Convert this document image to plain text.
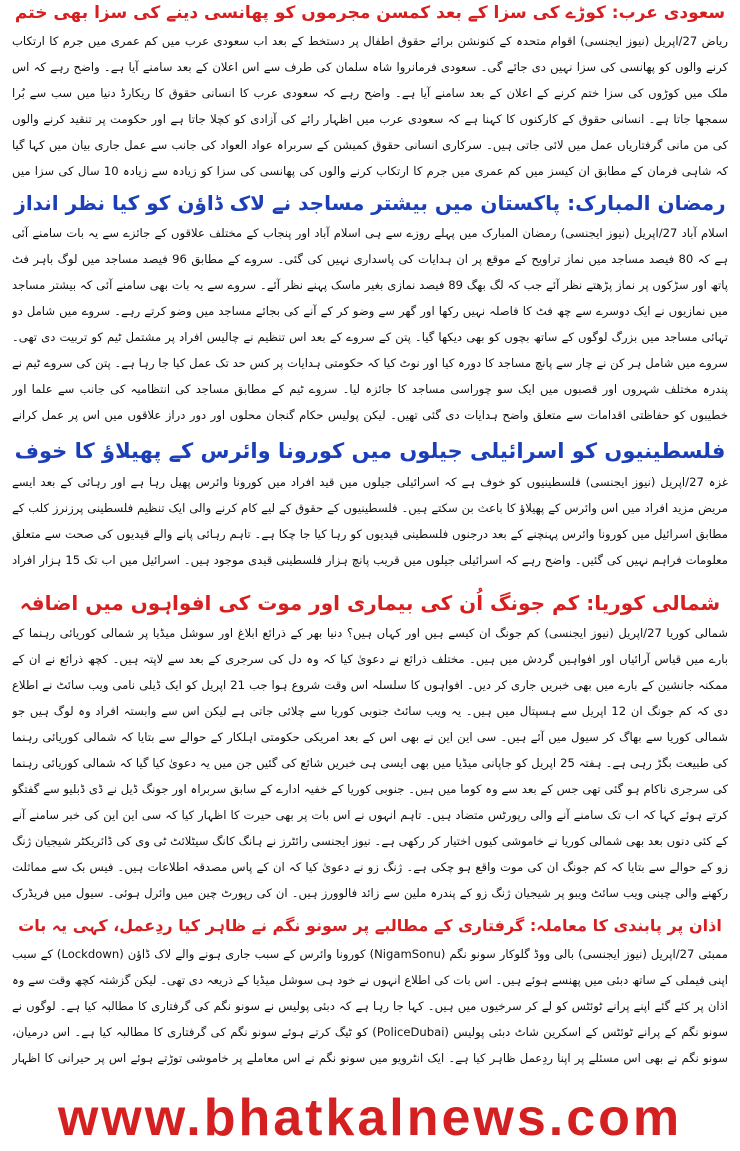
سعودی عرب: کوڑے کی سزا کے بعد کمسن مجرموں کو پھانسی دینے کی سزا بھی ختم

ریاض 27/اپریل (نیوز ایجنسی) اقوام متحدہ کے کنونشن برائے حقوق اطفال پر دستخط کے بعد اب سعودی عرب میں کم عمری میں جرم کا ارتکاب کرنے والوں کو پھانسی کی سزا نہیں دی جائے گی۔ سعودی فرمانروا شاہ سلمان کی طرف سے اس اعلان کے بعد سامنے آیا ہے۔ واضح رہے کہ اس ملک میں کوڑوں کی سزا ختم کرنے کے اعلان کے بعد سامنے آیا ہے۔ واضح رہے کہ سعودی عرب کا انسانی حقوق کا ریکارڈ دنیا میں سب سے بُرا سمجھا جاتا ہے۔ انسانی حقوق کے کارکنوں کا کہنا ہے کہ سعودی عرب میں اظہار رائے کی آزادی کو کچلا جاتا ہے اور حکومت پر تنقید کرنے والوں کی من مانی گرفتاریاں عمل میں لائی جاتی ہیں۔ سرکاری انسانی حقوق کمیشن کے سربراہ عواد العواد کی جانب سے عمل جاری بیان میں کہا گیا کہ شاہی فرمان کے مطابق ان کیسز میں کم عمری میں جرم کا ارتکاب کرنے والوں کی پھانسی کی سزا کو زیادہ سے زیادہ 10 سال کی سزا میں

رمضان المبارک: پاکستان میں بیشتر مساجد نے لاک ڈاؤن کو کیا نظر انداز

اسلام آباد 27/اپریل (نیوز ایجنسی) رمضان المبارک میں پہلے روزے سے ہی اسلام آباد اور پنجاب کے مختلف علاقوں کے جائزے سے یہ بات سامنے آئی ہے کہ 80 فیصد مساجد میں نماز تراویح کے موقع پر ان ہدایات کی پاسداری نہیں کی گئی۔ سروے کے مطابق 96 فیصد مساجد میں لوگ باہر فٹ پاتھ اور سڑکوں پر نماز پڑھتے نظر آئے جب کہ لگ بھگ 89 فیصد نمازی بغیر ماسک پہنے نظر آئے۔ سروے سے یہ بات بھی سامنے آئی کہ بیشتر مساجد میں نمازیوں نے ایک دوسرے سے چھ فٹ کا فاصلہ نہیں رکھا اور گھر سے وضو کر کے آنے کی بجائے مساجد میں وضو کرتے رہے۔ سروے میں شامل دو تہائی مساجد میں بزرگ لوگوں کے ساتھ بچوں کو بھی دیکھا گیا۔ پتن کے سروے کے بعد اس تنظیم نے چالیس افراد پر مشتمل ٹیم کو تربیت دی تھی۔ سروے میں شامل ہر کن نے چار سے پانچ مساجد کا دورہ کیا اور نوٹ کیا کہ حکومتی ہدایات پر کس حد تک عمل کیا جا رہا ہے۔ پتن کی سروے ٹیم نے پندرہ مختلف شہروں اور قصبوں میں ایک سو چوراسی مساجد کا جائزہ لیا۔ سروے ٹیم کے مطابق مساجد کی انتظامیہ کی جانب سے علما اور خطیبوں کو حفاظتی اقدامات سے متعلق واضح ہدایات دی گئی تھیں۔ لیکن پولیس حکام گنجان محلوں اور دور دراز علاقوں میں اس پر عمل کرانے

فلسطینیوں کو اسرائیلی جیلوں میں کورونا وائرس کے پھیلاؤ کا خوف

غزہ 27/اپریل (نیوز ایجنسی) فلسطینیوں کو خوف ہے کہ اسرائیلی جیلوں میں قید افراد میں کورونا وائرس پھیل رہا ہے اور رہائی کے بعد ایسے مریض مزید افراد میں اس وائرس کے پھیلاؤ کا باعث بن سکتے ہیں۔ فلسطینیوں کے حقوق کے لیے کام کرنے والی ایک تنظیم فلسطینی پرزنرز کلب کے مطابق اسرائیل میں کورونا وائرس پہنچنے کے بعد درجنوں فلسطینی قیدیوں کو رہا کیا جا چکا ہے۔ تاہم رہائی پانے والے قیدیوں کی صحت سے متعلق معلومات فراہم نہیں کی گئیں۔ واضح رہے کہ اسرائیلی جیلوں میں قریب پانچ ہزار فلسطینی قیدی موجود ہیں۔ اسرائیل میں اب تک 15 ہزار افراد

شمالی کوریا: کم جونگ اُن کی بیماری اور موت کی افواہوں میں اضافہ

شمالی کوریا 27/اپریل (نیوز ایجنسی) کم جونگ ان کیسے ہیں اور کہاں ہیں؟ دنیا بھر کے ذرائع ابلاغ اور سوشل میڈیا پر شمالی کوریائی رہنما کے بارے میں قیاس آرائیاں اور افواہیں گردش میں ہیں۔ مختلف ذرائع نے دعویٰ کیا کہ وہ دل کی سرجری کے بعد سے لاپتہ ہیں۔ کچھ ذرائع نے ان کے ممکنہ جانشین کے بارے میں بھی خبریں جاری کر دیں۔ افواہوں کا سلسلہ اس وقت شروع ہوا جب 21 اپریل کو ایک ڈیلی نامی ویب سائٹ نے اطلاع دی کہ کم جونگ ان 12 اپریل سے ہسپتال میں ہیں۔ یہ ویب سائٹ جنوبی کوریا سے چلائی جاتی ہے لیکن اس سے وابستہ افراد وہ لوگ ہیں جو شمالی کوریا سے بھاگ کر سیول میں آئے ہیں۔ سی این این نے بھی اس کے بعد امریکی حکومتی اہلکار کے حوالے سے بتایا کہ شمالی کوریائی رہنما کی طبیعت بگڑ رہی ہے۔ ہفتہ 25 اپریل کو جاپانی میڈیا میں بھی ایسی ہی خبریں شائع کی گئیں جن میں یہ دعویٰ کیا گیا کہ شمالی کوریائی رہنما کی سرجری ناکام ہو گئی تھی جس کے بعد سے وہ کوما میں ہیں۔ جنوبی کوریا کے خفیہ ادارے کے سابق سربراہ اور جونگ ڈیل نے ڈی ڈبلیو سے گفتگو کرتے ہوئے کہا کہ اب تک سامنے آنے والی رپورٹس متضاد ہیں۔ تاہم انہوں نے اس بات پر بھی حیرت کا اظہار کیا کہ سی این این کی خبر سامنے آنے کے کئی دنوں بعد بھی شمالی کوریا نے خاموشی کیوں اختیار کر رکھی ہے۔ نیوز ایجنسی رائٹرز نے ہانگ کانگ سیٹلائٹ ٹی وی کی ڈائریکٹر شیجیان ژنگ زو کے حوالے سے بتایا کہ کم جونگ ان کی موت واقع ہو چکی ہے۔ ژنگ زو نے دعویٰ کیا کہ ان کے پاس مصدقہ اطلاعات ہیں۔ فیس بک سے مماثلت رکھنے والی چینی ویب سائٹ ویبو پر شیجیان ژنگ زو کے پندرہ ملین سے زائد فالوورز ہیں۔ ان کی رپورٹ چین میں وائرل ہوئی۔ سیول میں فریڈرک

اذان پر پابندی کا معاملہ: گرفتاری کے مطالبے پر سونو نگم نے ظاہر کیا ردِعمل، کہی یہ بات

ممبئی 27/اپریل (نیوز ایجنسی) بالی ووڈ گلوکار سونو نگم (NigamSonu) کورونا وائرس کے سبب جاری ہونے والے لاک ڈاؤن (Lockdown) کے سبب اپنی فیملی کے ساتھ دبئی میں پھنسے ہوئے ہیں۔ اس بات کی اطلاع انہوں نے خود ہی سوشل میڈیا کے ذریعہ دی تھی۔ لیکن گزشتہ کچھ وقت سے وہ اذان پر کئے گئے اپنے پرانے ٹوئٹس کو لے کر سرخیوں میں ہیں۔ کہا جا رہا ہے کہ دبئی پولیس نے سونو نگم کی گرفتاری کا مطالبہ کیا ہے۔ لوگوں نے سونو نگم کے پرانے ٹوئٹس کے اسکرین شاٹ دبئی پولیس (PoliceDubai) کو ٹیگ کرتے ہوئے سونو نگم کی گرفتاری کا مطالبہ کیا ہے۔ اس درمیان، سونو نگم نے بھی اس مسئلے پر اپنا ردِعمل ظاہر کیا ہے۔ ایک انٹرویو میں سونو نگم نے اس معاملے پر خاموشی توڑتے ہوئے اس پر حیرانی کا اظہار

www.bhatkalnews.com
